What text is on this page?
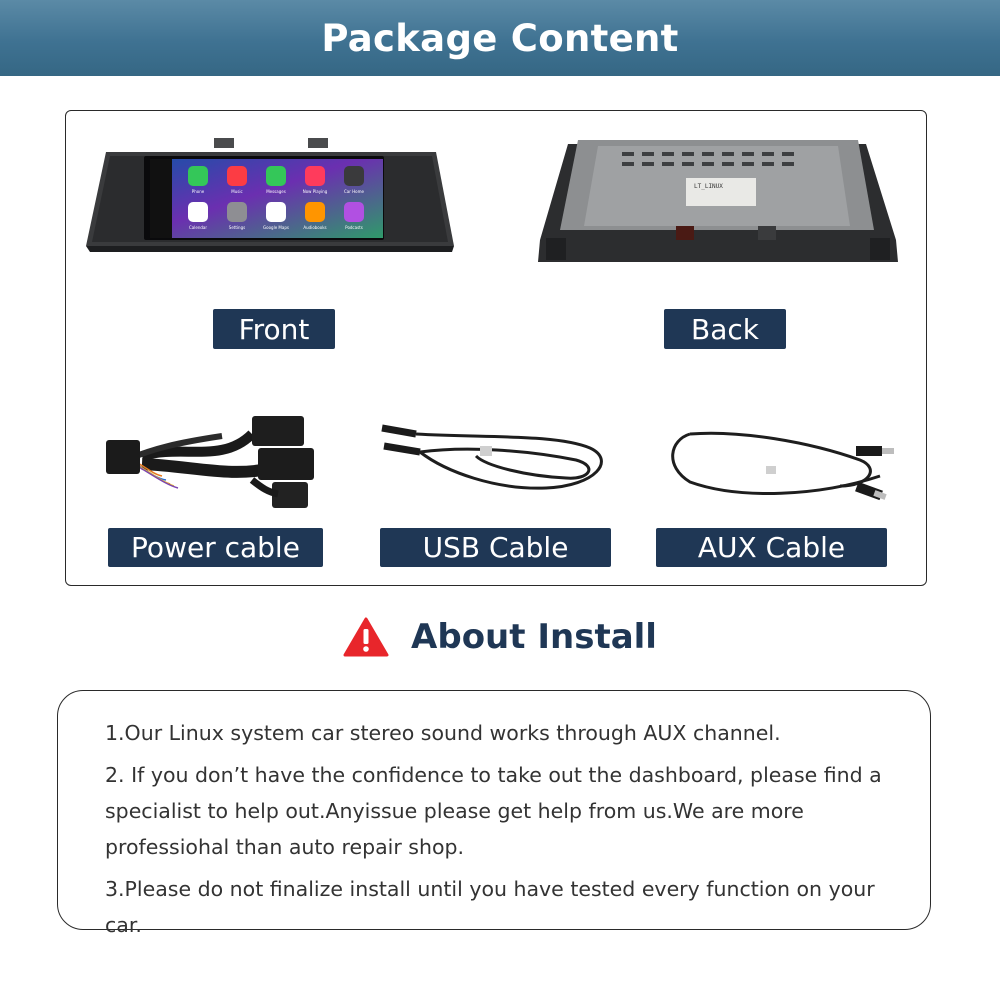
Package Content
Phone	Music	Messages	Now Playing	Car Home
Calendar	Settings	Google Maps	Audiobooks	Podcasts
LT_LINUX
Front	Back
Power cable	USB Cable	AUX Cable
About Install

1.Our Linux system car stereo sound works through AUX channel.

2. If you don’t have the confidence to take out the dashboard, please find a specialist to help out.Anyissue please get help from us.We are more professiohal than auto repair shop.

3.Please do not finalize install until you have tested every function on your car.
